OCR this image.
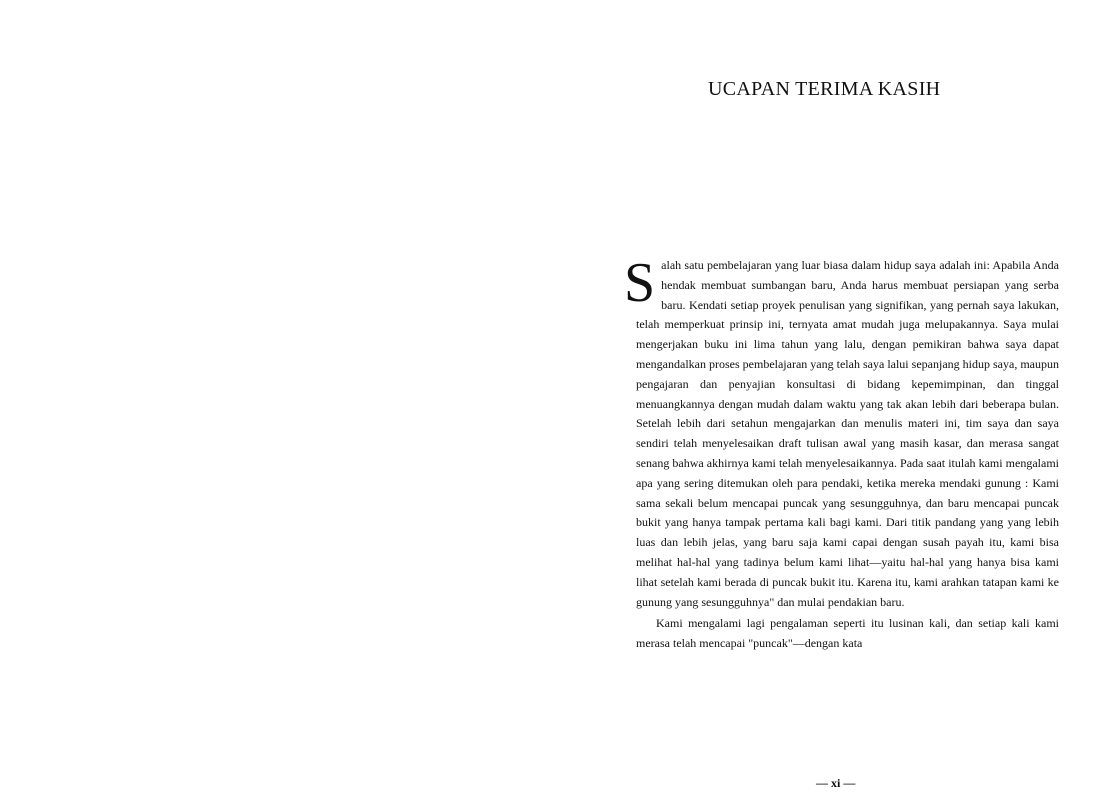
UCAPAN TERIMA KASIH

Salah satu pembelajaran yang luar biasa dalam hidup saya adalah ini: Apabila Anda hendak membuat sumbangan baru, Anda harus membuat persiapan yang serba baru. Kendati setiap proyek penulisan yang signifikan, yang pernah saya lakukan, telah memperkuat prinsip ini, ternyata amat mudah juga melupakannya. Saya mulai mengerjakan buku ini lima tahun yang lalu, dengan pemikiran bahwa saya dapat mengandalkan proses pembelajaran yang telah saya lalui sepanjang hidup saya, maupun pengajaran dan penyajian konsultasi di bidang kepemimpinan, dan tinggal menuangkannya dengan mudah dalam waktu yang tak akan lebih dari beberapa bulan. Setelah lebih dari setahun mengajarkan dan menulis materi ini, tim saya dan saya sendiri telah menyelesaikan draft tulisan awal yang masih kasar, dan merasa sangat senang bahwa akhirnya kami telah menyelesaikannya. Pada saat itulah kami mengalami apa yang sering ditemukan oleh para pendaki, ketika mereka mendaki gunung : Kami sama sekali belum mencapai puncak yang sesungguhnya, dan baru mencapai puncak bukit yang hanya tampak pertama kali bagi kami. Dari titik pandang yang yang lebih luas dan lebih jelas, yang baru saja kami capai dengan susah payah itu, kami bisa melihat hal-hal yang tadinya belum kami lihat—yaitu hal-hal yang hanya bisa kami lihat setelah kami berada di puncak bukit itu. Karena itu, kami arahkan tatapan kami ke gunung yang sesungguhnya" dan mulai pendakian baru.

Kami mengalami lagi pengalaman seperti itu lusinan kali, dan setiap kali kami merasa telah mencapai "puncak"—dengan kata

— xi —
